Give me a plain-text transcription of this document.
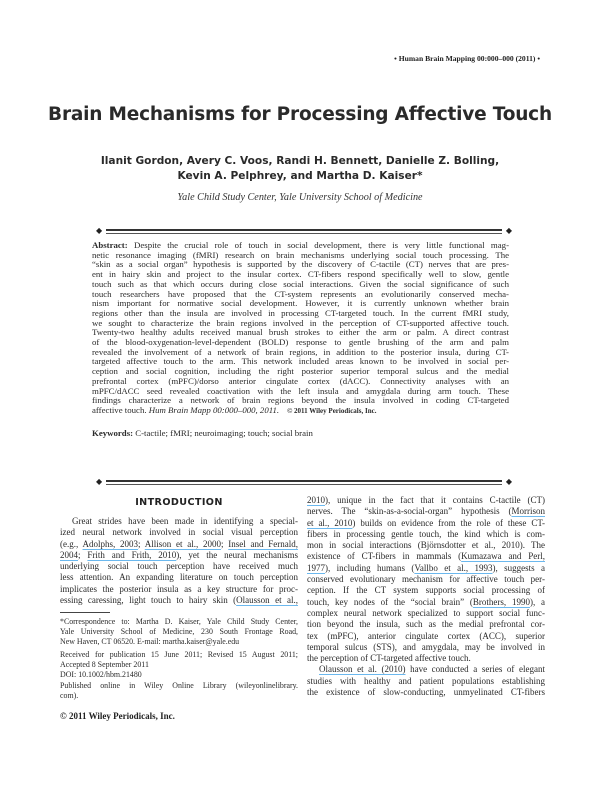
• Human Brain Mapping 00:000–000 (2011) •
Brain Mechanisms for Processing Affective Touch
Ilanit Gordon, Avery C. Voos, Randi H. Bennett, Danielle Z. Bolling,
Kevin A. Pelphrey, and Martha D. Kaiser*
Yale Child Study Center, Yale University School of Medicine
◆	◆
Abstract: Despite the crucial role of touch in social development, there is very little functional mag-
netic resonance imaging (fMRI) research on brain mechanisms underlying social touch processing. The
“skin as a social organ” hypothesis is supported by the discovery of C-tactile (CT) nerves that are pres-
ent in hairy skin and project to the insular cortex. CT-fibers respond specifically well to slow, gentle
touch such as that which occurs during close social interactions. Given the social significance of such
touch researchers have proposed that the CT-system represents an evolutionarily conserved mecha-
nism important for normative social development. However, it is currently unknown whether brain
regions other than the insula are involved in processing CT-targeted touch. In the current fMRI study,
we sought to characterize the brain regions involved in the perception of CT-supported affective touch.
Twenty-two healthy adults received manual brush strokes to either the arm or palm. A direct contrast
of the blood-oxygenation-level-dependent (BOLD) response to gentle brushing of the arm and palm
revealed the involvement of a network of brain regions, in addition to the posterior insula, during CT-
targeted affective touch to the arm. This network included areas known to be involved in social per-
ception and social cognition, including the right posterior superior temporal sulcus and the medial
prefrontal cortex (mPFC)/dorso anterior cingulate cortex (dACC). Connectivity analyses with an
mPFC/dACC seed revealed coactivation with the left insula and amygdala during arm touch. These
findings characterize a network of brain regions beyond the insula involved in coding CT-targeted
affective touch. Hum Brain Mapp 00:000–000, 2011. © 2011 Wiley Periodicals, Inc.
Keywords: C-tactile; fMRI; neuroimaging; touch; social brain
◆	◆
INTRODUCTION
Great strides have been made in identifying a special-
ized neural network involved in social visual perception
(e.g., Adolphs, 2003; Allison et al., 2000; Insel and Fernald,
2004; Frith and Frith, 2010), yet the neural mechanisms
underlying social touch perception have received much
less attention. An expanding literature on touch perception
implicates the posterior insula as a key structure for proc-
essing caressing, light touch to hairy skin (Olausson et al.,
*Correspondence to: Martha D. Kaiser, Yale Child Study Center,
Yale University School of Medicine, 230 South Frontage Road,
New Haven, CT 06520. E-mail: martha.kaiser@yale.edu
Received for publication 15 June 2011; Revised 15 August 2011;
Accepted 8 September 2011
DOI: 10.1002/hbm.21480
Published online in Wiley Online Library (wileyonlinelibrary.
com).
© 2011 Wiley Periodicals, Inc.
2010), unique in the fact that it contains C-tactile (CT)
nerves. The “skin-as-a-social-organ” hypothesis (Morrison
et al., 2010) builds on evidence from the role of these CT-
fibers in processing gentle touch, the kind which is com-
mon in social interactions (Björnsdotter et al., 2010). The
existence of CT-fibers in mammals (Kumazawa and Perl,
1977), including humans (Vallbo et al., 1993), suggests a
conserved evolutionary mechanism for affective touch per-
ception. If the CT system supports social processing of
touch, key nodes of the “social brain” (Brothers, 1990), a
complex neural network specialized to support social func-
tion beyond the insula, such as the medial prefrontal cor-
tex (mPFC), anterior cingulate cortex (ACC), superior
temporal sulcus (STS), and amygdala, may be involved in
the perception of CT-targeted affective touch.
Olausson et al. (2010) have conducted a series of elegant
studies with healthy and patient populations establishing
the existence of slow-conducting, unmyelinated CT-fibers
